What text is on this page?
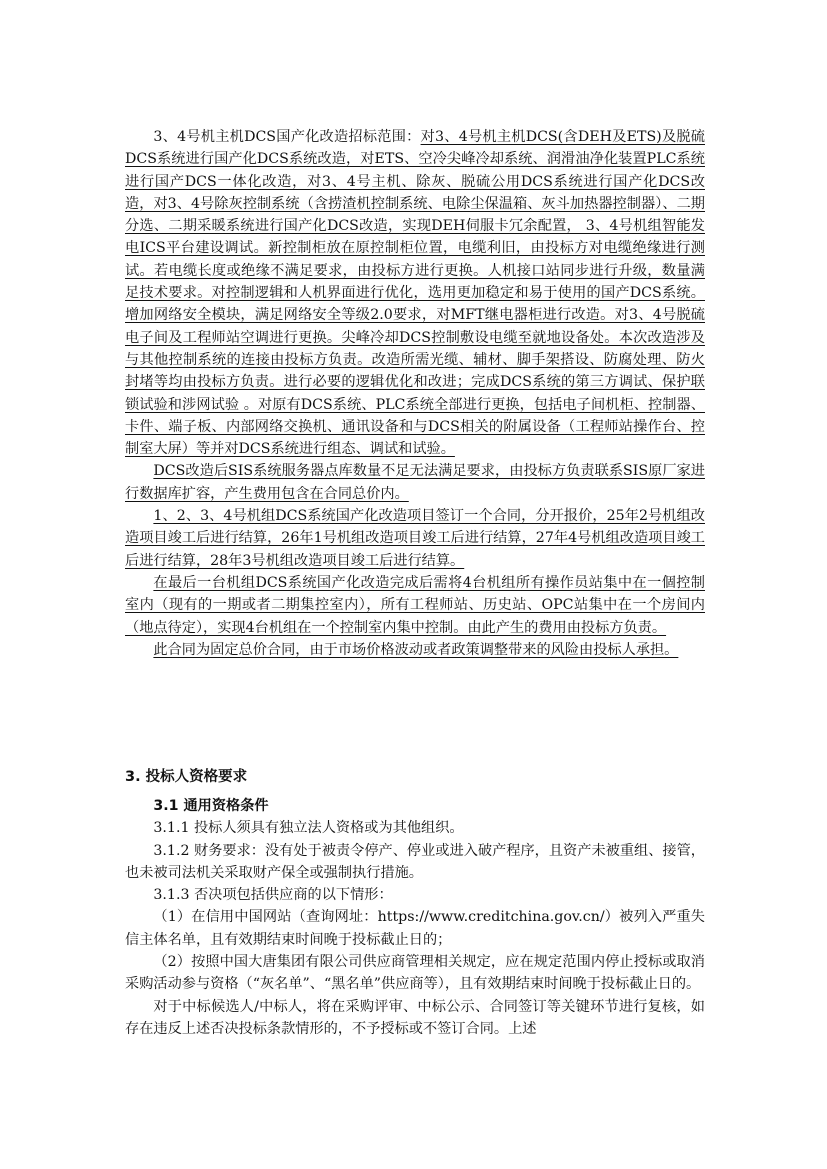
3、4号机主机DCS国产化改造招标范围：对3、4号机主机DCS(含DEH及ETS)及脱硫DCS系统进行国产化DCS系统改造，对ETS、空冷尖峰冷却系统、润滑油净化装置PLC系统进行国产DCS一体化改造，对3、4号主机、除灰、脱硫公用DCS系统进行国产化DCS改造，对3、4号除灰控制系统（含捞渣机控制系统、电除尘保温箱、灰斗加热器控制器）、二期分选、二期采暖系统进行国产化DCS改造，实现DEH伺服卡冗余配置， 3、4号机组智能发电ICS平台建设调试。新控制柜放在原控制柜位置，电缆利旧，由投标方对电缆绝缘进行测试。若电缆长度或绝缘不满足要求，由投标方进行更换。人机接口站同步进行升级，数量满足技术要求。对控制逻辑和人机界面进行优化，选用更加稳定和易于使用的国产DCS系统。增加网络安全模块，满足网络安全等级2.0要求，对MFT继电器柜进行改造。对3、4号脱硫电子间及工程师站空调进行更换。尖峰冷却DCS控制敷设电缆至就地设备处。本次改造涉及与其他控制系统的连接由投标方负责。改造所需光缆、辅材、脚手架搭设、防腐处理、防火封堵等均由投标方负责。进行必要的逻辑优化和改进；完成DCS系统的第三方调试、保护联锁试验和涉网试验 。对原有DCS系统、PLC系统全部进行更换，包括电子间机柜、控制器、卡件、端子板、内部网络交换机、通讯设备和与DCS相关的附属设备（工程师站操作台、控制室大屏）等并对DCS系统进行组态、调试和试验。

DCS改造后SIS系统服务器点库数量不足无法满足要求，由投标方负责联系SIS原厂家进行数据库扩容，产生费用包含在合同总价内。

1、2、3、4号机组DCS系统国产化改造项目签订一个合同，分开报价，25年2号机组改造项目竣工后进行结算，26年1号机组改造项目竣工后进行结算，27年4号机组改造项目竣工后进行结算，28年3号机组改造项目竣工后进行结算。

在最后一台机组DCS系统国产化改造完成后需将4台机组所有操作员站集中在一個控制室内（现有的一期或者二期集控室内），所有工程师站、历史站、OPC站集中在一个房间内（地点待定），实现4台机组在一个控制室内集中控制。由此产生的费用由投标方负责。

此合同为固定总价合同，由于市场价格波动或者政策调整带来的风险由投标人承担。

3. 投标人资格要求

3.1 通用资格条件

3.1.1 投标人须具有独立法人资格或为其他组织。

3.1.2 财务要求：没有处于被责令停产、停业或进入破产程序，且资产未被重组、接管，也未被司法机关采取财产保全或强制执行措施。

3.1.3 否决项包括供应商的以下情形：

（1）在信用中国网站（查询网址：https://www.creditchina.gov.cn/）被列入严重失信主体名单，且有效期结束时间晚于投标截止日的；

（2）按照中国大唐集团有限公司供应商管理相关规定，应在规定范围内停止授标或取消采购活动参与资格（“灰名单”、“黑名单”供应商等），且有效期结束时间晚于投标截止日的。

对于中标候选人/中标人，将在采购评审、中标公示、合同签订等关键环节进行复核，如存在违反上述否决投标条款情形的，不予授标或不签订合同。上述
